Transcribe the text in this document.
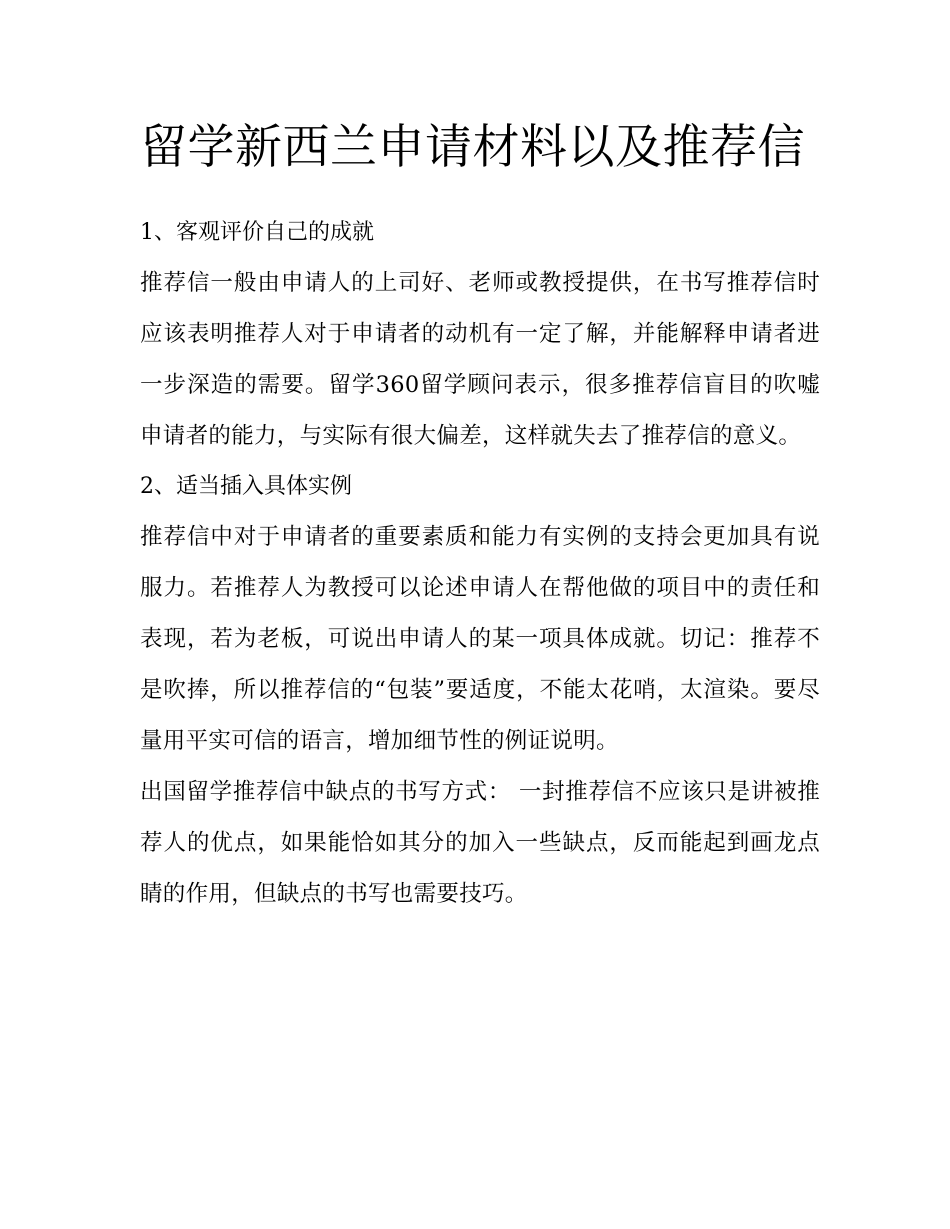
留学新西兰申请材料以及推荐信

1、客观评价自己的成就

推荐信一般由申请人的上司好、老师或教授提供，在书写推荐信时应该表明推荐人对于申请者的动机有一定了解，并能解释申请者进一步深造的需要。留学360留学顾问表示，很多推荐信盲目的吹嘘申请者的能力，与实际有很大偏差，这样就失去了推荐信的意义。

2、适当插入具体实例

推荐信中对于申请者的重要素质和能力有实例的支持会更加具有说服力。若推荐人为教授可以论述申请人在帮他做的项目中的责任和表现，若为老板，可说出申请人的某一项具体成就。切记：推荐不是吹捧，所以推荐信的“包装”要适度，不能太花哨，太渲染。要尽量用平实可信的语言，增加细节性的例证说明。

出国留学推荐信中缺点的书写方式： 一封推荐信不应该只是讲被推荐人的优点，如果能恰如其分的加入一些缺点，反而能起到画龙点睛的作用，但缺点的书写也需要技巧。
